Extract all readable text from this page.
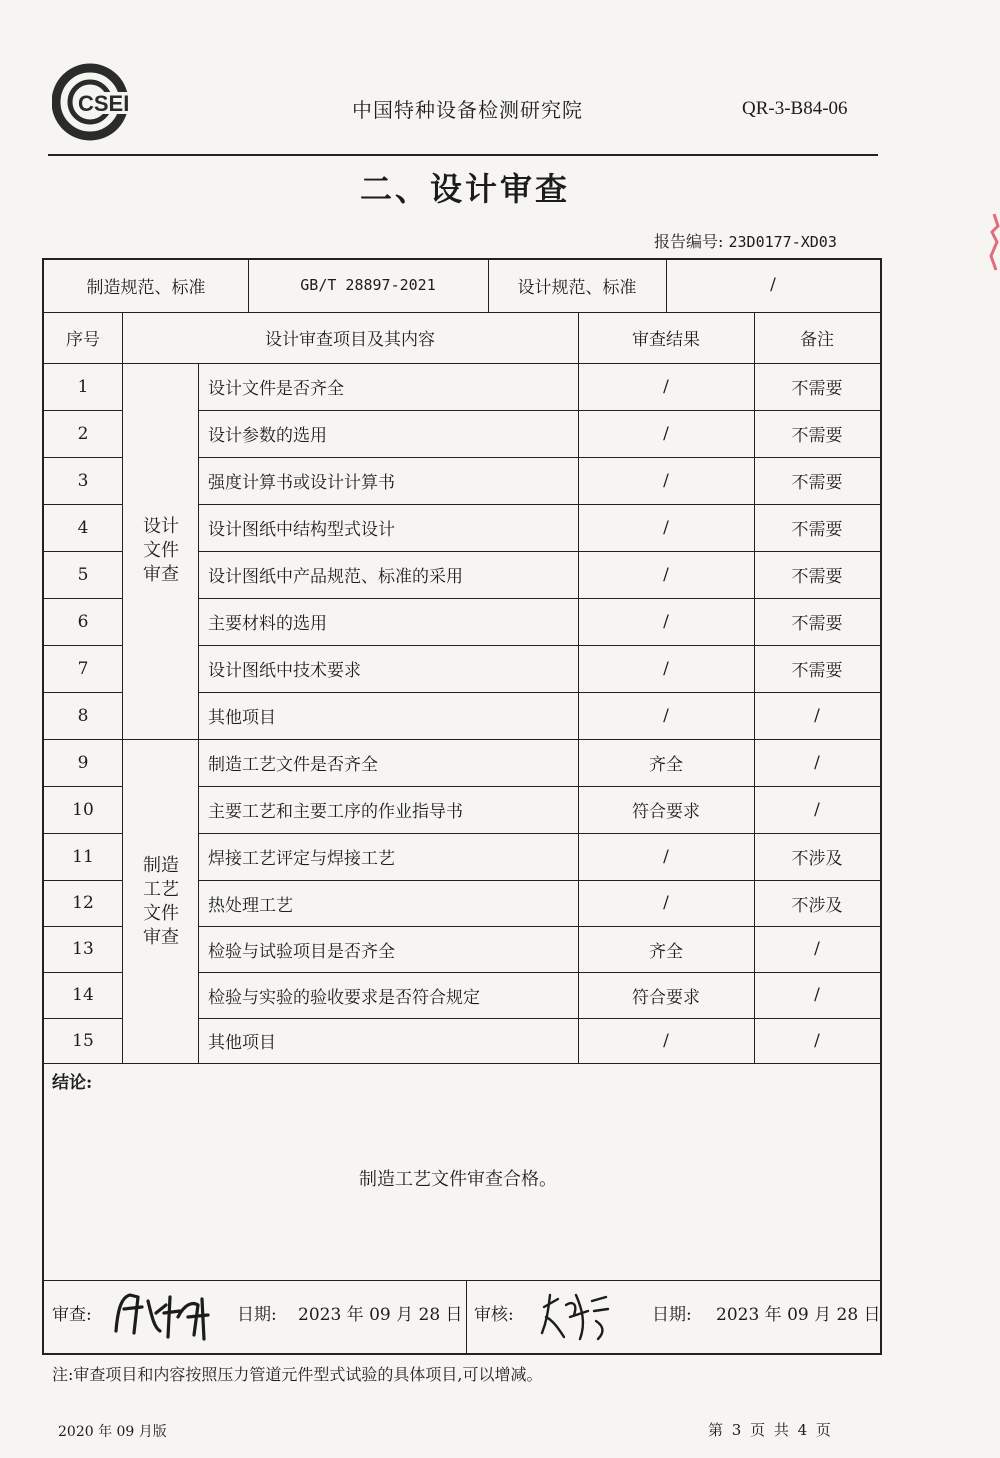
CSEI	中国特种设备检测研究院	QR-3-B84-06
二、设计审查
报告编号: 23D0177-XD03
制造规范、标准	GB/T 28897-2021	设计规范、标准	/
序号	设计审查项目及其内容	审查结果	备注
设计
文件
审查
制造
工艺
文件
审查
1	设计文件是否齐全	/	不需要
2	设计参数的选用	/	不需要
3	强度计算书或设计计算书	/	不需要
4	设计图纸中结构型式设计	/	不需要
5	设计图纸中产品规范、标准的采用	/	不需要
6	主要材料的选用	/	不需要
7	设计图纸中技术要求	/	不需要
8	其他项目	/	/
9	制造工艺文件是否齐全	齐全	/
10	主要工艺和主要工序的作业指导书	符合要求	/
11	焊接工艺评定与焊接工艺	/	不涉及
12	热处理工艺	/	不涉及
13	检验与试验项目是否齐全	齐全	/
14	检验与实验的验收要求是否符合规定	符合要求	/
15	其他项目	/	/
结论:
制造工艺文件审查合格。
审查:	日期: 2023 年 09 月 28 日 审核:	日期: 2023 年 09 月 28 日
注:审查项目和内容按照压力管道元件型式试验的具体项目,可以增减。
2020 年 09 月版	第 3 页 共 4 页
